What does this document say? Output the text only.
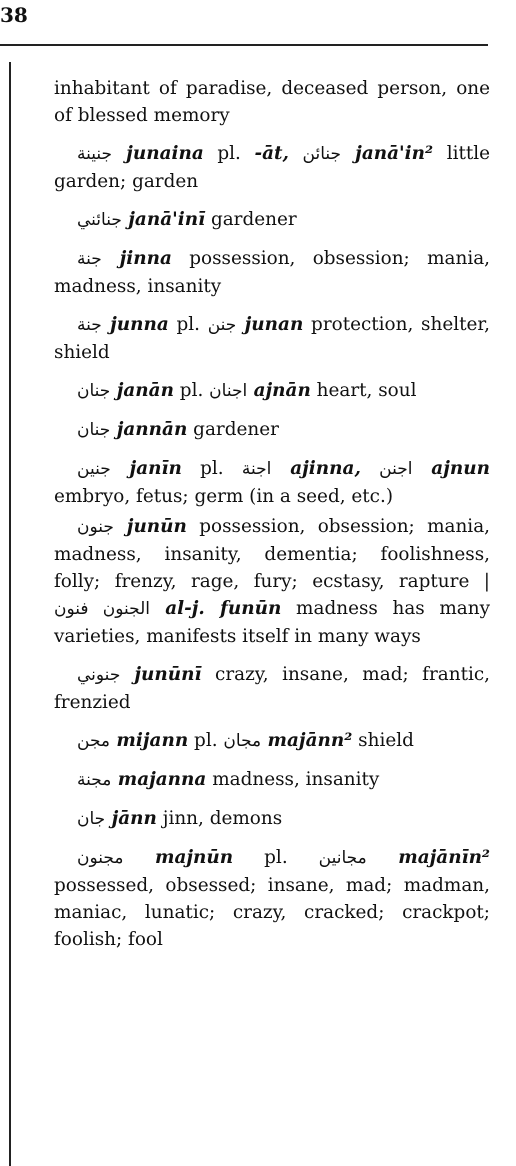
38

inhabitant of paradise, deceased person, one of blessed memory

جنينة junaina pl. -āt, جنائن janā'in² little garden; garden

جنائني janā'inī gardener

جنة jinna possession, obsession; mania, madness, insanity

جنة junna pl. جنن junan protection, shelter, shield

جنان janān pl. اجنان ajnān heart, soul

جنان jannān gardener

جنين janīn pl. اجنة ajinna, اجنن ajnun embryo, fetus; germ (in a seed, etc.)

جنون junūn possession, obsession; mania, madness, insanity, dementia; foolishness, folly; frenzy, rage, fury; ecstasy, rapture | الجنون فنون al-j. funūn madness has many varieties, manifests itself in many ways

جنوني junūnī crazy, insane, mad; frantic, frenzied

مجن mijann pl. مجان majānn² shield

مجنة majanna madness, insanity

جان jānn jinn, demons

مجنون majnūn pl. مجانين majānīn² possessed, obsessed; insane, mad; madman, maniac, lunatic; crazy, cracked; crackpot; foolish; fool
